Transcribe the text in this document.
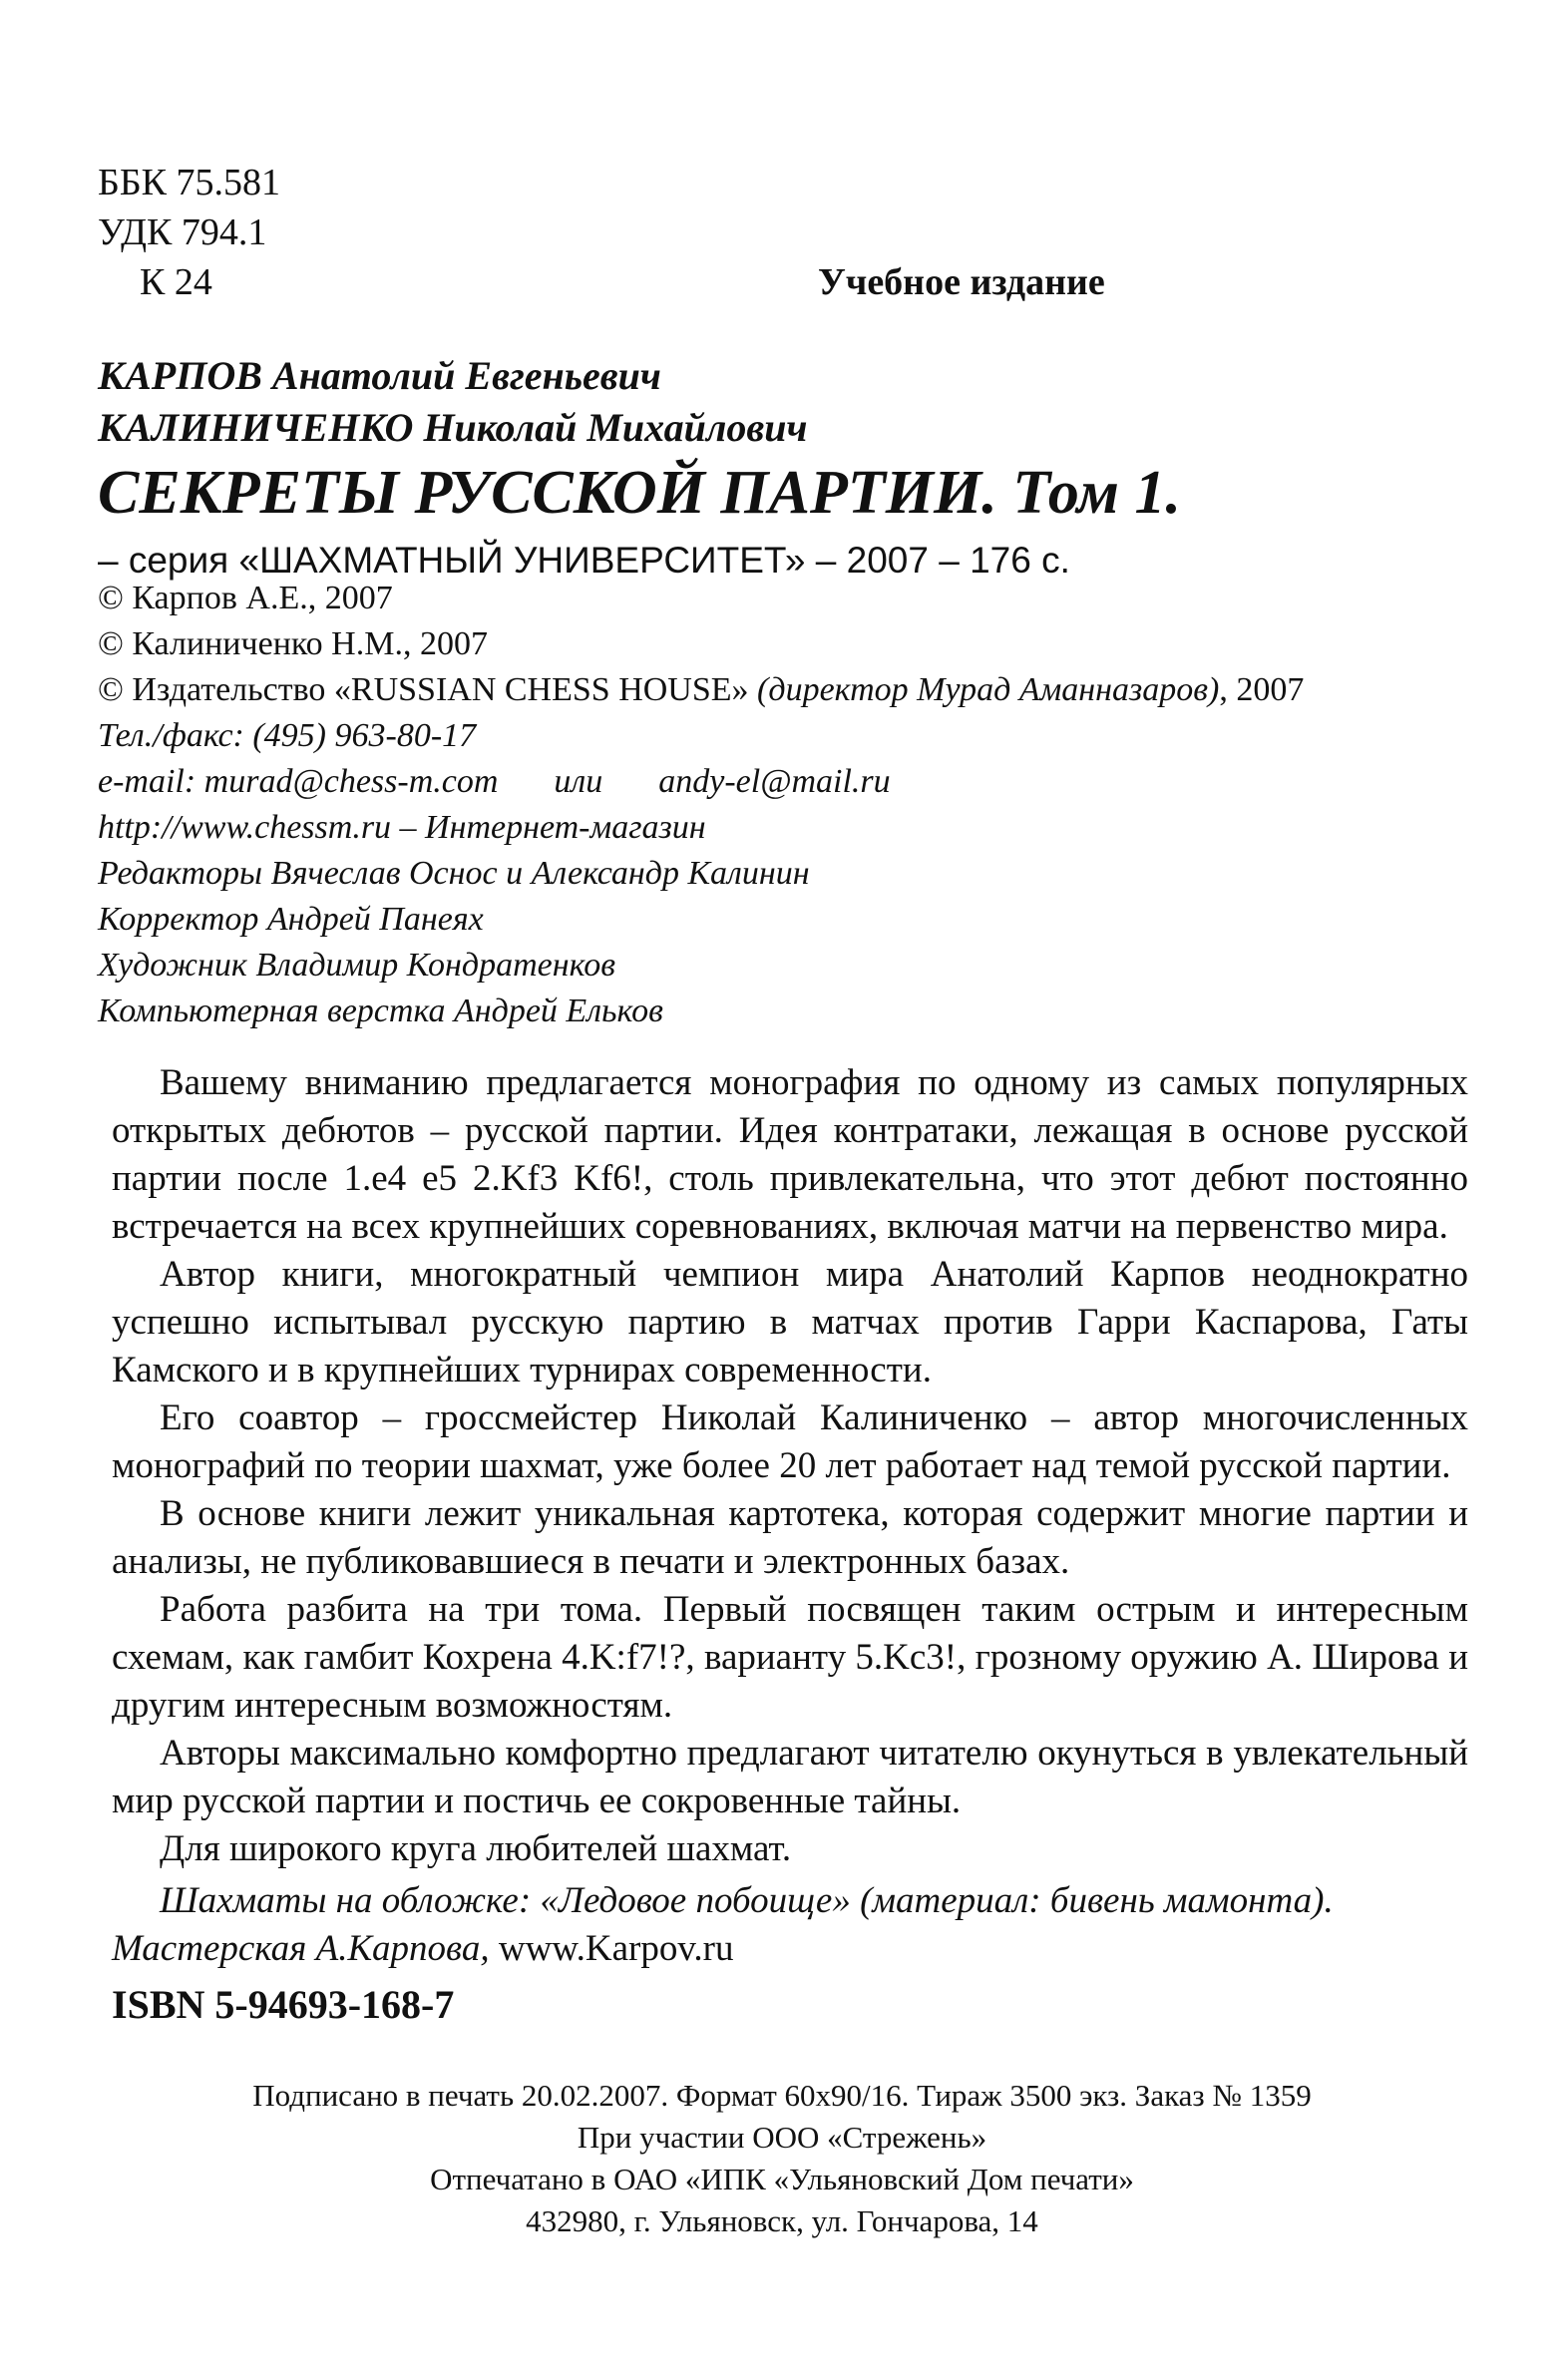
ББК 75.581
УДК 794.1
К 24	Учебное издание
КАРПОВ Анатолий Евгеньевич
КАЛИНИЧЕНКО Николай Михайлович
СЕКРЕТЫ РУССКОЙ ПАРТИИ. Том 1.
– серия «ШАХМАТНЫЙ УНИВЕРСИТЕТ» – 2007 – 176 с.
© Карпов А.Е., 2007
© Калиниченко Н.М., 2007
© Издательство «RUSSIAN CHESS HOUSE» (директор Мурад Аманназаров), 2007
Тел./факс: (495) 963-80-17
e-mail: murad@chess-m.com или andy-el@mail.ru
http://www.chessm.ru – Интернет-магазин
Редакторы Вячеслав Оснос и Александр Калинин
Корректор Андрей Панеях
Художник Владимир Кондратенков
Компьютерная верстка Андрей Ельков

Вашему вниманию предлагается монография по одному из самых популярных открытых дебютов – русской партии. Идея контратаки, лежащая в основе русской партии после 1.e4 e5 2.Kf3 Kf6!, столь привлекательна, что этот дебют постоянно встречается на всех крупнейших соревнованиях, включая матчи на первенство мира.

Автор книги, многократный чемпион мира Анатолий Карпов неоднократно успешно испытывал русскую партию в матчах против Гарри Каспарова, Гаты Камского и в крупнейших турнирах современности.

Его соавтор – гроссмейстер Николай Калиниченко – автор многочисленных монографий по теории шахмат, уже более 20 лет работает над темой русской партии.

В основе книги лежит уникальная картотека, которая содержит многие партии и анализы, не публиковавшиеся в печати и электронных базах.

Работа разбита на три тома. Первый посвящен таким острым и интересным схемам, как гамбит Кохрена 4.K:f7!?, варианту 5.Kc3!, грозному оружию А. Широва и другим интересным возможностям.

Авторы максимально комфортно предлагают читателю окунуться в увлекательный мир русской партии и постичь ее сокровенные тайны.

Для широкого круга любителей шахмат.

Шахматы на обложке: «Ледовое побоище» (материал: бивень мамонта).

Мастерская А.Карпова, www.Karpov.ru

ISBN 5-94693-168-7
Подписано в печать 20.02.2007. Формат 60x90/16. Тираж 3500 экз. Заказ № 1359
При участии ООО «Стрежень»
Отпечатано в ОАО «ИПК «Ульяновский Дом печати»
432980, г. Ульяновск, ул. Гончарова, 14
